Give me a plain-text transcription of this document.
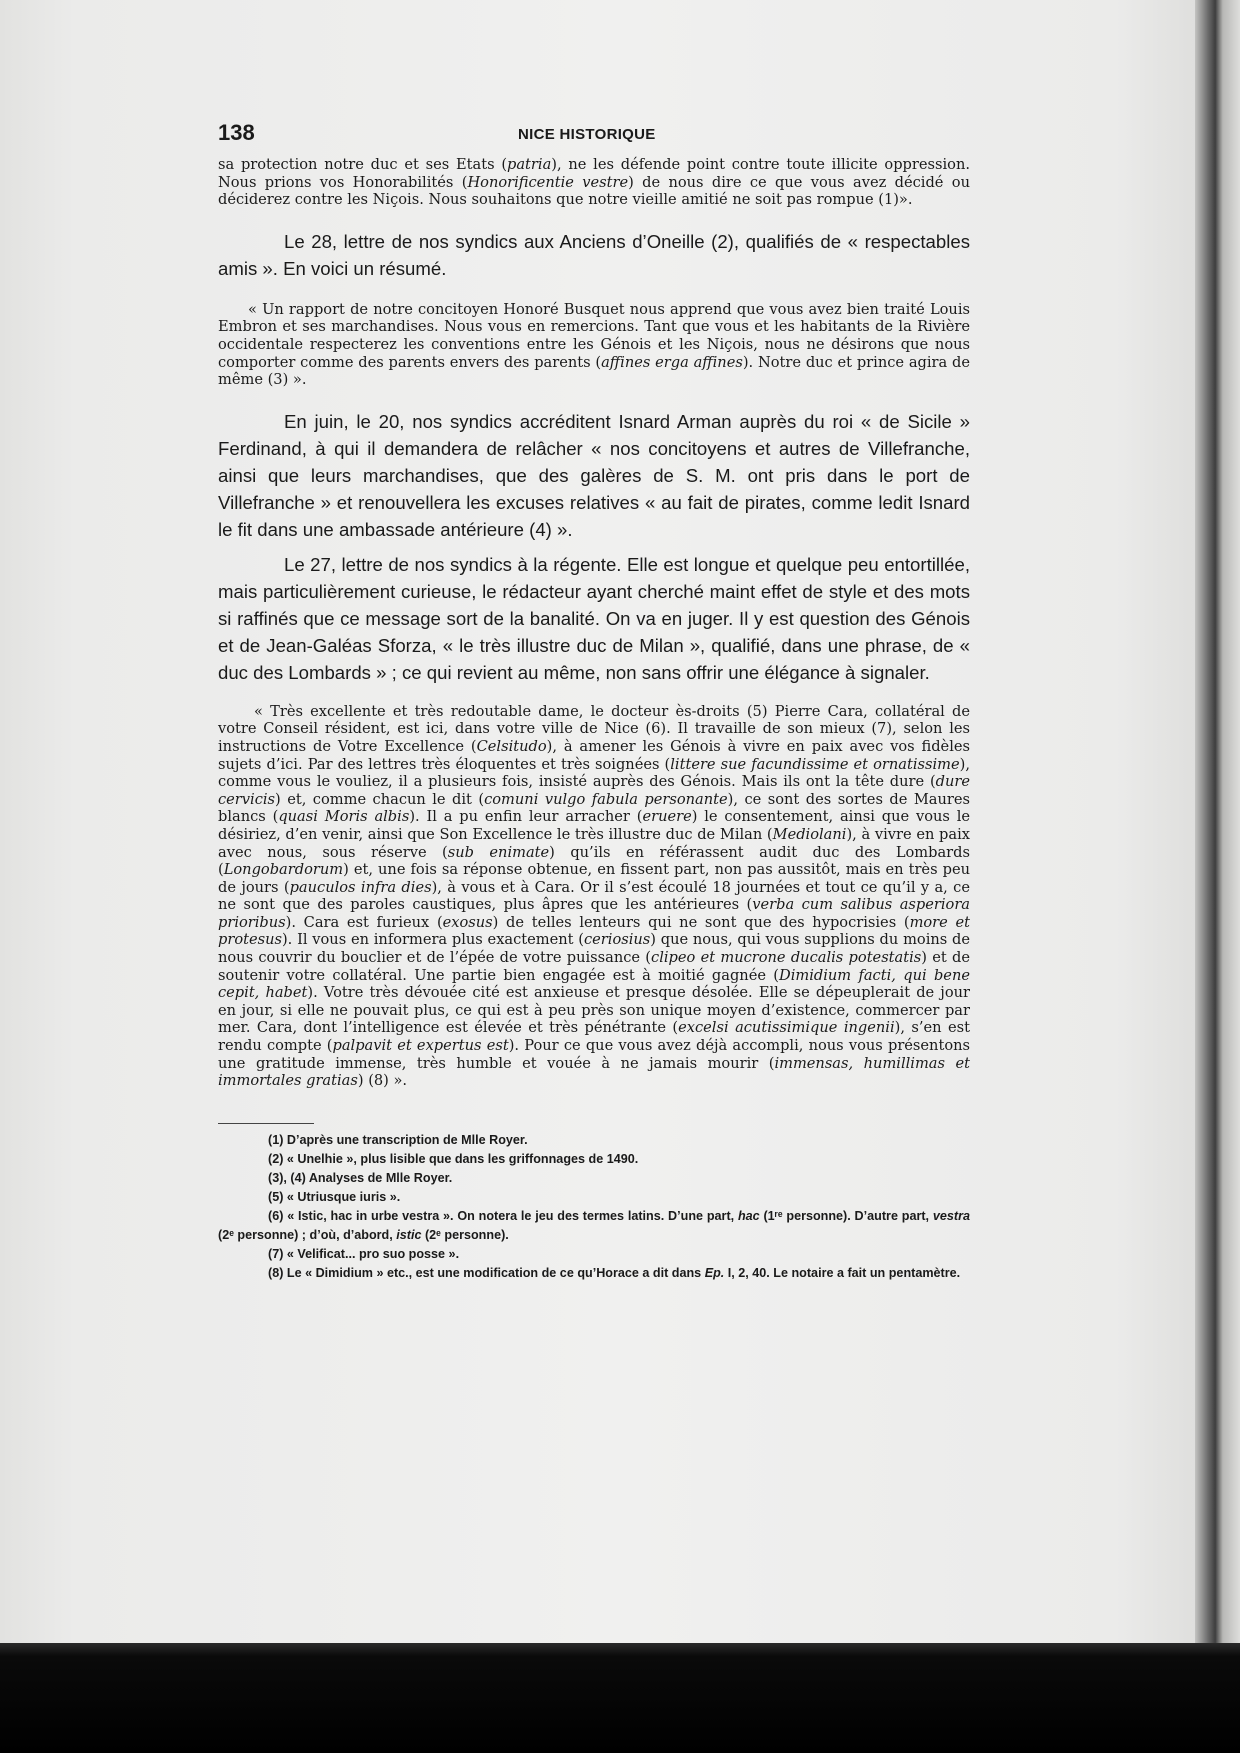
138	NICE HISTORIQUE

sa protection notre duc et ses Etats (patria), ne les défende point contre toute illicite oppression. Nous prions vos Honorabilités (Honorificentie vestre) de nous dire ce que vous avez décidé ou déciderez contre les Niçois. Nous souhaitons que notre vieille amitié ne soit pas rompue (1)».

Le 28, lettre de nos syndics aux Anciens d’Oneille (2), qualifiés de « respectables amis ». En voici un résumé.

« Un rapport de notre concitoyen Honoré Busquet nous apprend que vous avez bien traité Louis Embron et ses marchandises. Nous vous en remercions. Tant que vous et les habitants de la Rivière occidentale respecterez les conventions entre les Génois et les Niçois, nous ne désirons que nous comporter comme des parents envers des parents (affines erga affines). Notre duc et prince agira de même (3) ».

En juin, le 20, nos syndics accréditent Isnard Arman auprès du roi « de Sicile » Ferdinand, à qui il demandera de relâcher « nos concitoyens et autres de Villefranche, ainsi que leurs marchandises, que des galères de S. M. ont pris dans le port de Villefranche » et renouvellera les excuses relatives « au fait de pirates, comme ledit Isnard le fit dans une ambassade antérieure (4) ».

Le 27, lettre de nos syndics à la régente. Elle est longue et quelque peu entortillée, mais particulièrement curieuse, le rédacteur ayant cherché maint effet de style et des mots si raffinés que ce message sort de la banalité. On va en juger. Il y est question des Génois et de Jean-Galéas Sforza, « le très illustre duc de Milan », qualifié, dans une phrase, de « duc des Lombards » ; ce qui revient au même, non sans offrir une élégance à signaler.

« Très excellente et très redoutable dame, le docteur ès-droits (5) Pierre Cara, collatéral de votre Conseil résident, est ici, dans votre ville de Nice (6). Il travaille de son mieux (7), selon les instructions de Votre Excellence (Celsitudo), à amener les Génois à vivre en paix avec vos fidèles sujets d’ici. Par des lettres très éloquentes et très soignées (littere sue facundissime et ornatissime), comme vous le vouliez, il a plusieurs fois, insisté auprès des Génois. Mais ils ont la tête dure (dure cervicis) et, comme chacun le dit (comuni vulgo fabula personante), ce sont des sortes de Maures blancs (quasi Moris albis). Il a pu enfin leur arracher (eruere) le consentement, ainsi que vous le désiriez, d’en venir, ainsi que Son Excellence le très illustre duc de Milan (Mediolani), à vivre en paix avec nous, sous réserve (sub enimate) qu’ils en référassent audit duc des Lombards (Longobardorum) et, une fois sa réponse obtenue, en fissent part, non pas aussitôt, mais en très peu de jours (pauculos infra dies), à vous et à Cara. Or il s’est écoulé 18 journées et tout ce qu’il y a, ce ne sont que des paroles caustiques, plus âpres que les antérieures (verba cum salibus asperiora prioribus). Cara est furieux (exosus) de telles lenteurs qui ne sont que des hypocrisies (more et protesus). Il vous en informera plus exactement (ceriosius) que nous, qui vous supplions du moins de nous couvrir du bouclier et de l’épée de votre puissance (clipeo et mucrone ducalis potestatis) et de soutenir votre collatéral. Une partie bien engagée est à moitié gagnée (Dimidium facti, qui bene cepit, habet). Votre très dévouée cité est anxieuse et presque désolée. Elle se dépeuplerait de jour en jour, si elle ne pouvait plus, ce qui est à peu près son unique moyen d’existence, commercer par mer. Cara, dont l’intelligence est élevée et très pénétrante (excelsi acutissimique ingenii), s’en est rendu compte (palpavit et expertus est). Pour ce que vous avez déjà accompli, nous vous présentons une gratitude immense, très humble et vouée à ne jamais mourir (immensas, humillimas et immortales gratias) (8) ».

(1) D’après une transcription de Mlle Royer.

(2) « Unelhie », plus lisible que dans les griffonnages de 1490.

(3), (4) Analyses de Mlle Royer.

(5) « Utriusque iuris ».

(6) « Istic, hac in urbe vestra ». On notera le jeu des termes latins. D’une part, hac (1ʳᵉ personne). D’autre part, vestra (2ᵉ personne) ; d’où, d’abord, istic (2ᵉ personne).

(7) « Velificat... pro suo posse ».

(8) Le « Dimidium » etc., est une modification de ce qu’Horace a dit dans Ep. I, 2, 40. Le notaire a fait un pentamètre.
